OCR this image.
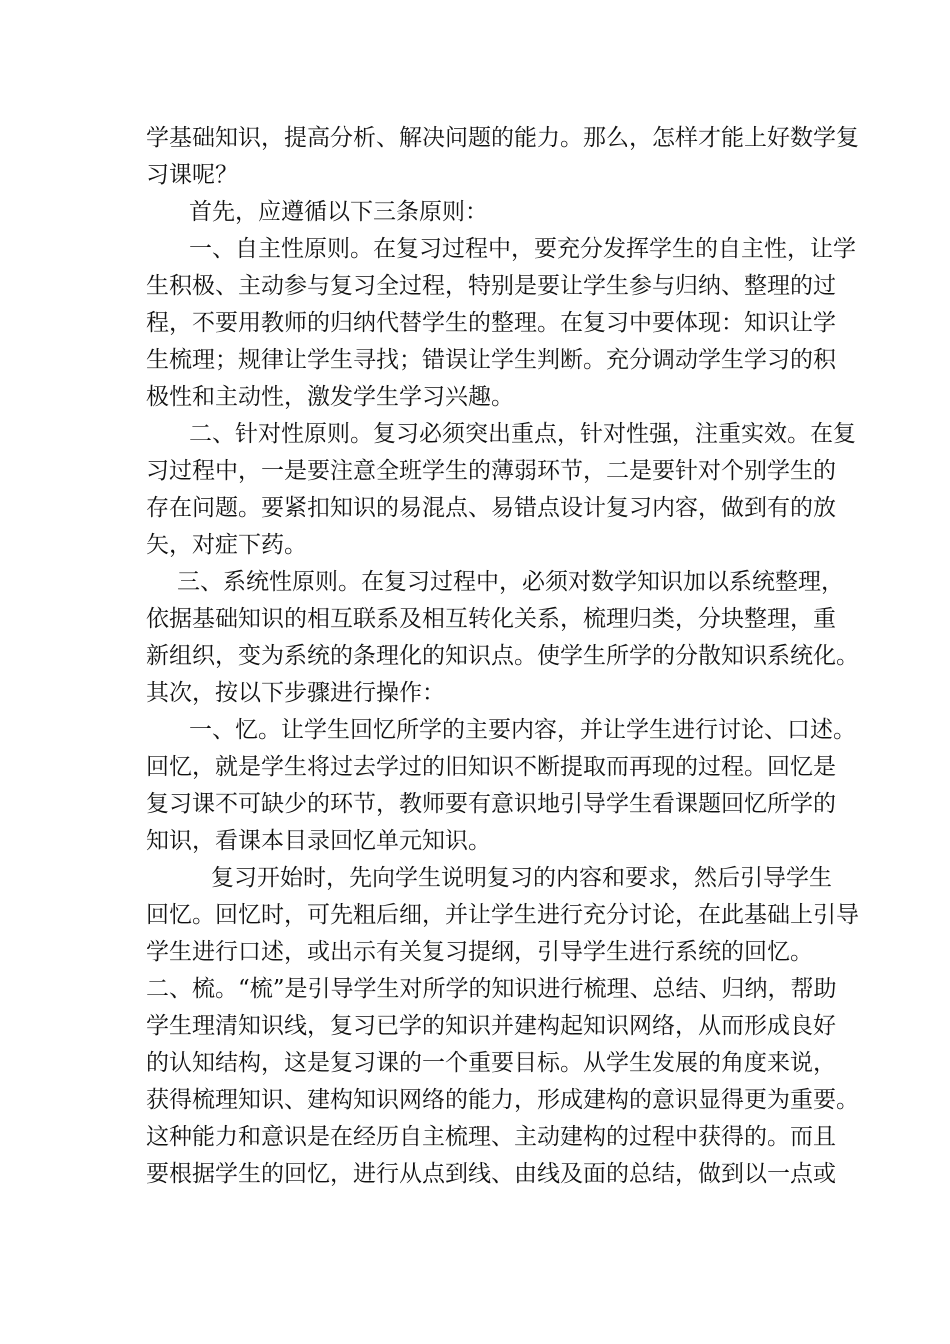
学基础知识，提高分析、解决问题的能力。那么，怎样才能上好数学复
习课呢？
首先，应遵循以下三条原则：
一、自主性原则。在复习过程中，要充分发挥学生的自主性，让学
生积极、主动参与复习全过程，特别是要让学生参与归纳、整理的过
程，不要用教师的归纳代替学生的整理。在复习中要体现：知识让学
生梳理；规律让学生寻找；错误让学生判断。充分调动学生学习的积
极性和主动性，激发学生学习兴趣。
二、针对性原则。复习必须突出重点，针对性强，注重实效。在复
习过程中，一是要注意全班学生的薄弱环节，二是要针对个别学生的
存在问题。要紧扣知识的易混点、易错点设计复习内容，做到有的放
矢，对症下药。
三、系统性原则。在复习过程中，必须对数学知识加以系统整理，
依据基础知识的相互联系及相互转化关系，梳理归类，分块整理，重
新组织，变为系统的条理化的知识点。使学生所学的分散知识系统化。
其次，按以下步骤进行操作：
一、忆。让学生回忆所学的主要内容，并让学生进行讨论、口述。
回忆，就是学生将过去学过的旧知识不断提取而再现的过程。回忆是
复习课不可缺少的环节，教师要有意识地引导学生看课题回忆所学的
知识，看课本目录回忆单元知识。
复习开始时，先向学生说明复习的内容和要求，然后引导学生
回忆。回忆时，可先粗后细，并让学生进行充分讨论，在此基础上引导
学生进行口述，或出示有关复习提纲，引导学生进行系统的回忆。
二、梳。“梳”是引导学生对所学的知识进行梳理、总结、归纳，帮助
学生理清知识线，复习已学的知识并建构起知识网络，从而形成良好
的认知结构，这是复习课的一个重要目标。从学生发展的角度来说，
获得梳理知识、建构知识网络的能力，形成建构的意识显得更为重要。
这种能力和意识是在经历自主梳理、主动建构的过程中获得的。而且
要根据学生的回忆，进行从点到线、由线及面的总结，做到以一点或
